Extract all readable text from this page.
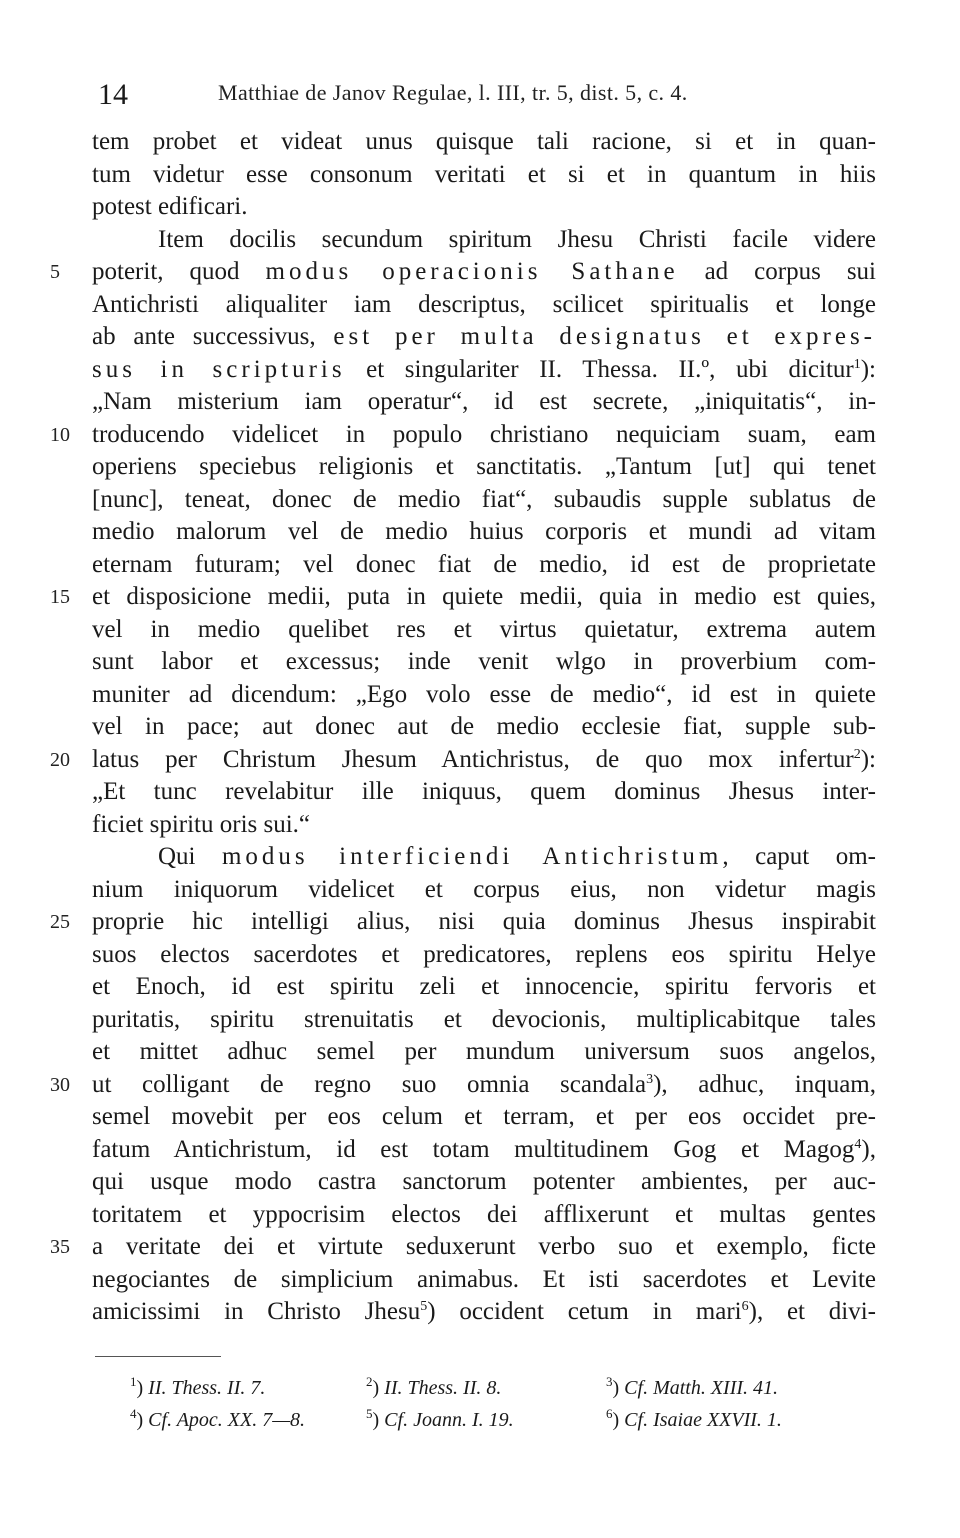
14	Matthiae de Janov Regulae, l. III, tr. 5, dist. 5, c. 4.
tem probet et videat unus quisque tali racione, si et in quan-
tum videtur esse consonum veritati et si et in quantum in hiis
potest edificari.
Item docilis secundum spiritum Jhesu Christi facile videre
5	poterit, quod modus operacionis Sathane ad corpus sui
Antichristi aliqualiter iam descriptus, scilicet spiritualis et longe
ab ante successivus, est per multa designatus et expres-
sus in scripturis et singulariter II. Thessa. II.º, ubi dicitur$^1$):
„Nam misterium iam operatur“, id est secrete, „iniquitatis“, in-
10 troducendo videlicet in populo christiano nequiciam suam, eam
operiens speciebus religionis et sanctitatis. „Tantum [ut] qui tenet
[nunc], teneat, donec de medio fiat“, subaudis supple sublatus de
medio malorum vel de medio huius corporis et mundi ad vitam
eternam futuram; vel donec fiat de medio, id est de proprietate
15 et disposicione medii, puta in quiete medii, quia in medio est quies,
vel in medio quelibet res et virtus quietatur, extrema autem
sunt labor et excessus; inde venit wlgo in proverbium com-
muniter ad dicendum: „Ego volo esse de medio“, id est in quiete
vel in pace; aut donec aut de medio ecclesie fiat, supple sub-
20 latus per Christum Jhesum Antichristus, de quo mox infertur$^2$):
„Et tunc revelabitur ille iniquus, quem dominus Jhesus inter-
ficiet spiritu oris sui.“
Qui modus interficiendi Antichristum, caput om-
nium iniquorum videlicet et corpus eius, non videtur magis
25 proprie hic intelligi alius, nisi quia dominus Jhesus inspirabit
suos electos sacerdotes et predicatores, replens eos spiritu Helye
et Enoch, id est spiritu zeli et innocencie, spiritu fervoris et
puritatis, spiritu strenuitatis et devocionis, multiplicabitque tales
et mittet adhuc semel per mundum universum suos angelos,
30 ut colligant de regno suo omnia scandala$^3$), adhuc, inquam,
semel movebit per eos celum et terram, et per eos occidet pre-
fatum Antichristum, id est totam multitudinem Gog et Magog$^4$),
qui usque modo castra sanctorum potenter ambientes, per auc-
toritatem et yppocrisim electos dei afflixerunt et multas gentes
35 a veritate dei et virtute seduxerunt verbo suo et exemplo, ficte
negociantes de simplicium animabus. Et isti sacerdotes et Levite
amicissimi in Christo Jhesu$^5$) occident cetum in mari$^6$), et divi-
$^1$) II. Thess. II. 7.	$^2$) II. Thess. II. 8.	$^3$) Cf. Matth. XIII. 41.
$^4$) Cf. Apoc. XX. 7—8.	$^5$) Cf. Joann. I. 19.	$^6$) Cf. Isaiae XXVII. 1.
